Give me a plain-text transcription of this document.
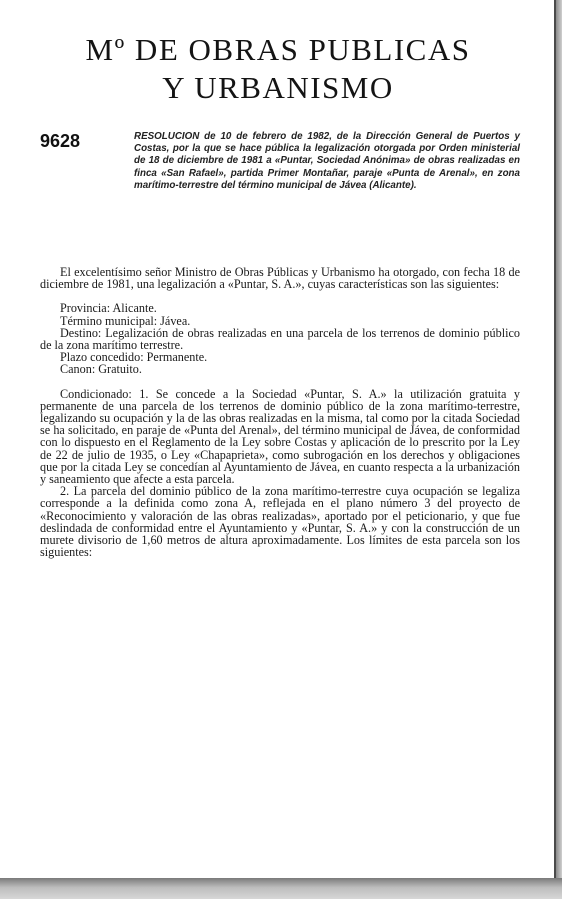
Mº DE OBRAS PUBLICAS
Y URBANISMO
9628	RESOLUCION de 10 de febrero de 1982, de la Dirección General de Puertos y Costas, por la que se hace pública la legalización otorgada por Orden ministerial de 18 de diciembre de 1981 a «Puntar, Sociedad Anónima» de obras realizadas en finca «San Rafael», partida Primer Montañar, paraje «Punta de Arenal», en zona marítimo-terrestre del término municipal de Jávea (Alicante).

El excelentísimo señor Ministro de Obras Públicas y Urbanismo ha otorgado, con fecha 18 de diciembre de 1981, una legalización a «Puntar, S. A.», cuyas características son las siguientes:

Provincia: Alicante.

Término municipal: Jávea.

Destino: Legalización de obras realizadas en una parcela de los terrenos de dominio público de la zona marítimo terrestre.

Plazo concedido: Permanente.

Canon: Gratuito.

Condicionado: 1. Se concede a la Sociedad «Puntar, S. A.» la utilización gratuita y permanente de una parcela de los terrenos de dominio público de la zona marítimo-terrestre, legalizando su ocupación y la de las obras realizadas en la misma, tal como por la citada Sociedad se ha solicitado, en paraje de «Punta del Arenal», del término municipal de Jávea, de conformidad con lo dispuesto en el Reglamento de la Ley sobre Costas y aplicación de lo prescrito por la Ley de 22 de julio de 1935, o Ley «Chapaprieta», como subrogación en los derechos y obligaciones que por la citada Ley se concedían al Ayuntamiento de Jávea, en cuanto respecta a la urbanización y saneamiento que afecte a esta parcela.

2. La parcela del dominio público de la zona marítimo-terrestre cuya ocupación se legaliza corresponde a la definida como zona A, reflejada en el plano número 3 del proyecto de «Reconocimiento y valoración de las obras realizadas», aportado por el peticionario, y que fue deslindada de conformidad entre el Ayuntamiento y «Puntar, S. A.» y con la construcción de un murete divisorio de 1,60 metros de altura aproximadamente. Los límites de esta parcela son los siguientes:
